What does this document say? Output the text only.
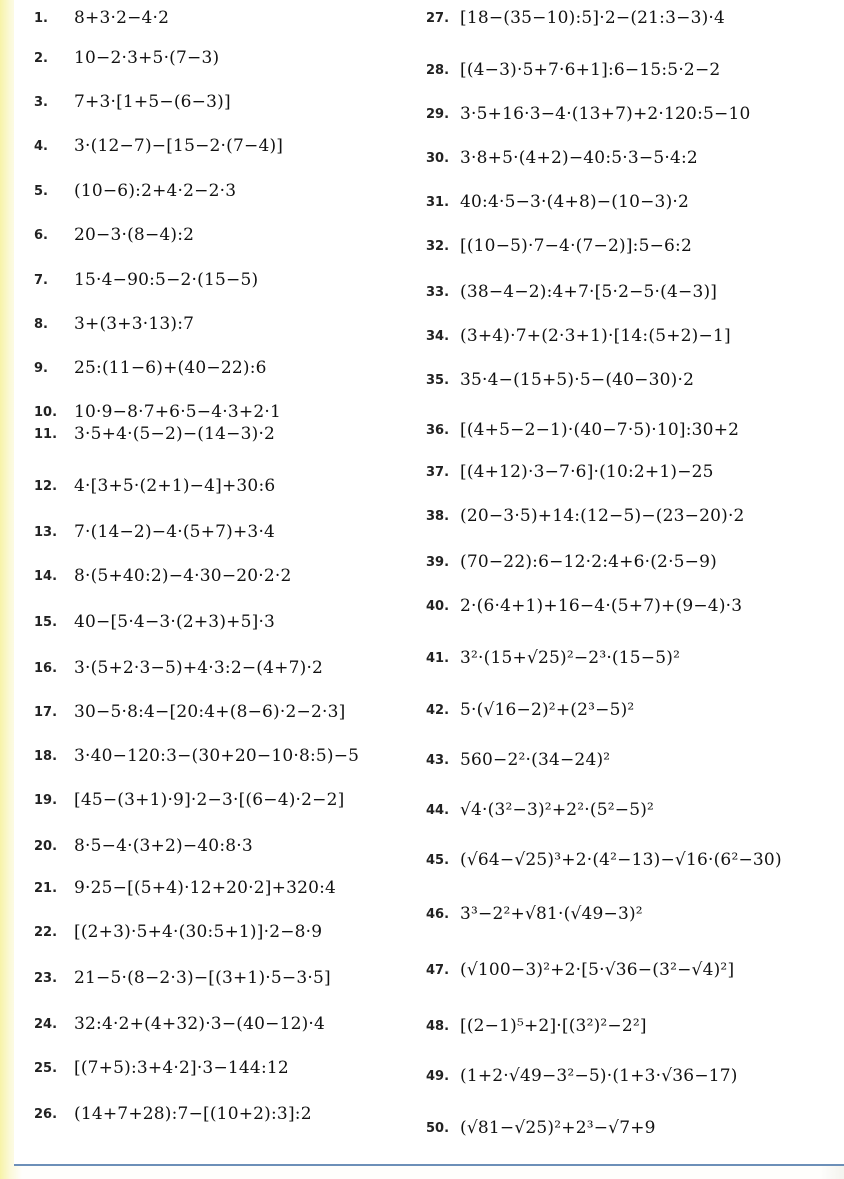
1.	8+3·2−4·2
2.	10−2·3+5·(7−3)
3.	7+3·[1+5−(6−3)]
4.	3·(12−7)−[15−2·(7−4)]
5.	(10−6):2+4·2−2·3
6.	20−3·(8−4):2
7.	15·4−90:5−2·(15−5)
8.	3+(3+3·13):7
9.	25:(11−6)+(40−22):6
10. 10·9−8·7+6·5−4·3+2·1
11. 3·5+4·(5−2)−(14−3)·2
12. 4·[3+5·(2+1)−4]+30:6
13. 7·(14−2)−4·(5+7)+3·4
14. 8·(5+40:2)−4·30−20·2·2
15. 40−[5·4−3·(2+3)+5]·3
16. 3·(5+2·3−5)+4·3:2−(4+7)·2
17. 30−5·8:4−[20:4+(8−6)·2−2·3]
18. 3·40−120:3−(30+20−10·8:5)−5
19. [45−(3+1)·9]·2−3·[(6−4)·2−2]
20. 8·5−4·(3+2)−40:8·3
21. 9·25−[(5+4)·12+20·2]+320:4
22. [(2+3)·5+4·(30:5+1)]·2−8·9
23. 21−5·(8−2·3)−[(3+1)·5−3·5]
24. 32:4·2+(4+32)·3−(40−12)·4
25. [(7+5):3+4·2]·3−144:12
26. (14+7+28):7−[(10+2):3]:2
27. [18−(35−10):5]·2−(21:3−3)·4
28. [(4−3)·5+7·6+1]:6−15:5·2−2
29. 3·5+16·3−4·(13+7)+2·120:5−10
30. 3·8+5·(4+2)−40:5·3−5·4:2
31. 40:4·5−3·(4+8)−(10−3)·2
32. [(10−5)·7−4·(7−2)]:5−6:2
33. (38−4−2):4+7·[5·2−5·(4−3)]
34. (3+4)·7+(2·3+1)·[14:(5+2)−1]
35. 35·4−(15+5)·5−(40−30)·2
36. [(4+5−2−1)·(40−7·5)·10]:30+2
37. [(4+12)·3−7·6]·(10:2+1)−25
38. (20−3·5)+14:(12−5)−(23−20)·2
39. (70−22):6−12·2:4+6·(2·5−9)
40. 2·(6·4+1)+16−4·(5+7)+(9−4)·3
41. 3²·(15+√25)²−2³·(15−5)²
42. 5·(√16−2)²+(2³−5)²
43. 560−2²·(34−24)²
44. √4·(3²−3)²+2²·(5²−5)²
45. (√64−√25)³+2·(4²−13)−√16·(6²−30)
46. 3³−2²+√81·(√49−3)²
47. (√100−3)²+2·[5·√36−(3²−√4)²]
48. [(2−1)⁵+2]·[(3²)²−2²]
49. (1+2·√49−3²−5)·(1+3·√36−17)
50. (√81−√25)²+2³−√7+9
